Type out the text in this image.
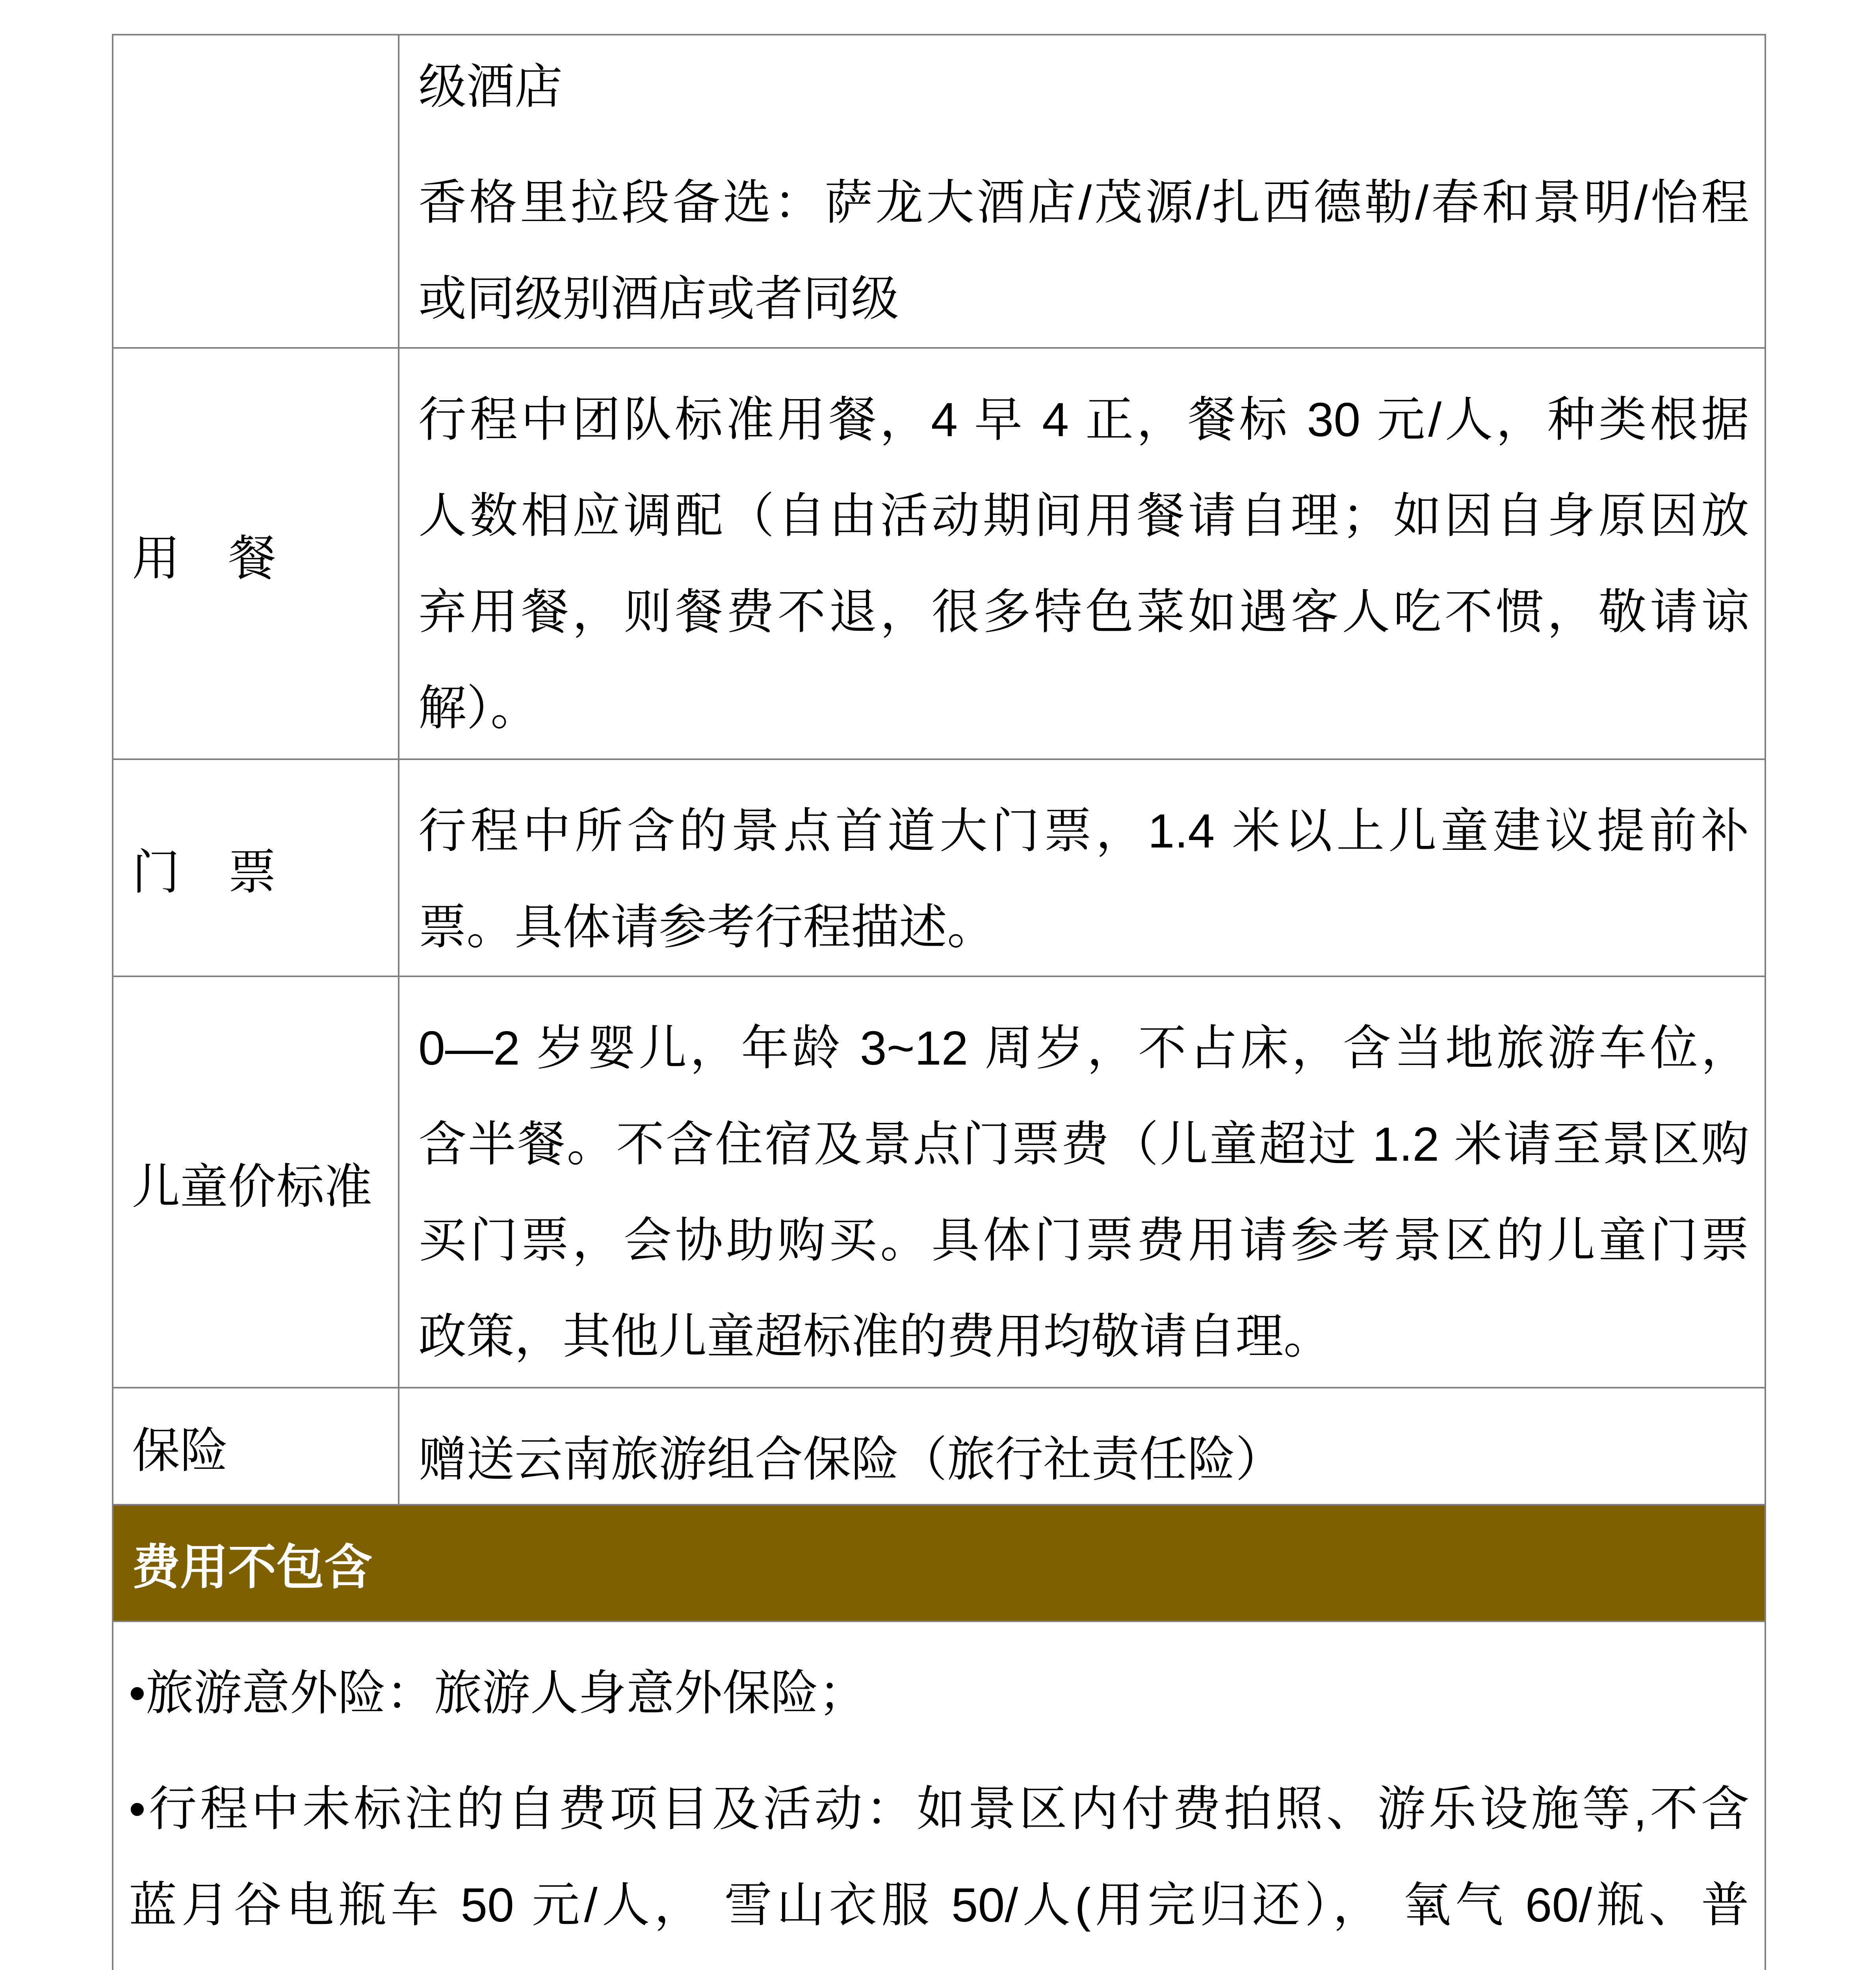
级酒店
香格里拉段备选：萨龙大酒店/茂源/扎西德勒/春和景明/怡程
或同级别酒店或者同级
用　餐
行程中团队标准用餐，4 早 4 正，餐标 30 元/人，种类根据
人数相应调配（自由活动期间用餐请自理；如因自身原因放
弃用餐，则餐费不退，很多特色菜如遇客人吃不惯，敬请谅
解）。
门　票
行程中所含的景点首道大门票，1.4 米以上儿童建议提前补
票。具体请参考行程描述。
儿童价标准
0—2 岁婴儿，年龄 3~12 周岁，不占床，含当地旅游车位，
含半餐。不含住宿及景点门票费（儿童超过 1.2 米请至景区购
买门票，会协助购买。具体门票费用请参考景区的儿童门票
政策，其他儿童超标准的费用均敬请自理。
保险	赠送云南旅游组合保险（旅行社责任险）
费用不包含
•旅游意外险：旅游人身意外保险；
•行程中未标注的自费项目及活动：如景区内付费拍照、游乐设施等,不含
蓝月谷电瓶车 50 元/人， 雪山衣服 50/人(用完归还）， 氧气 60/瓶、普
